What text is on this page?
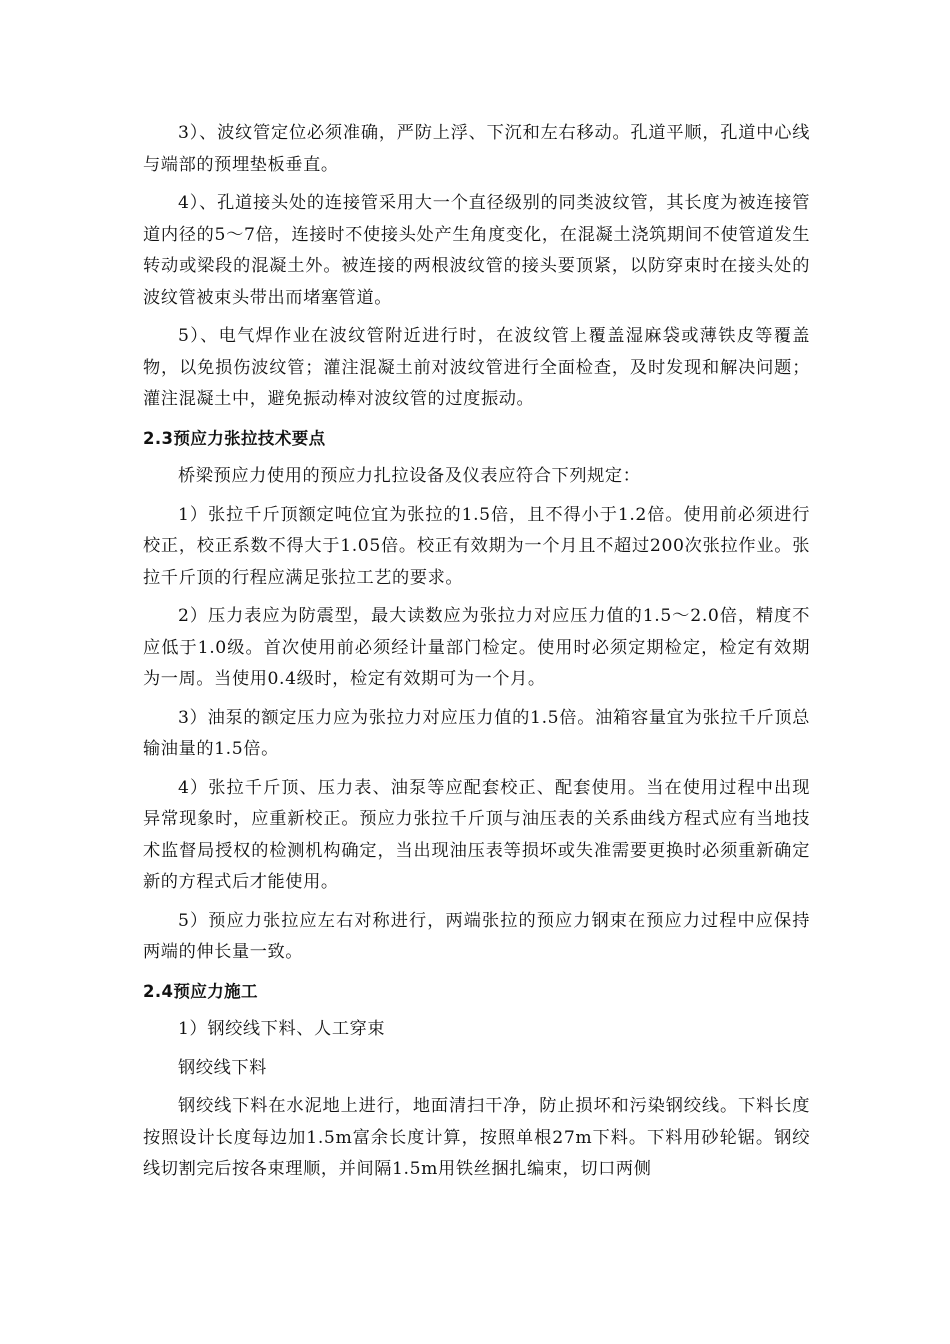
3）、波纹管定位必须准确，严防上浮、下沉和左右移动。孔道平顺，孔道中心线与端部的预埋垫板垂直。

4）、孔道接头处的连接管采用大一个直径级别的同类波纹管，其长度为被连接管道内径的5～7倍，连接时不使接头处产生角度变化，在混凝土浇筑期间不使管道发生转动或梁段的混凝土外。被连接的两根波纹管的接头要顶紧，以防穿束时在接头处的波纹管被束头带出而堵塞管道。

5）、电气焊作业在波纹管附近进行时，在波纹管上覆盖湿麻袋或薄铁皮等覆盖物，以免损伤波纹管；灌注混凝土前对波纹管进行全面检查，及时发现和解决问题；灌注混凝土中，避免振动棒对波纹管的过度振动。

2.3预应力张拉技术要点

桥梁预应力使用的预应力扎拉设备及仪表应符合下列规定：

1）张拉千斤顶额定吨位宜为张拉的1.5倍，且不得小于1.2倍。使用前必须进行校正，校正系数不得大于1.05倍。校正有效期为一个月且不超过200次张拉作业。张拉千斤顶的行程应满足张拉工艺的要求。

2）压力表应为防震型，最大读数应为张拉力对应压力值的1.5～2.0倍，精度不应低于1.0级。首次使用前必须经计量部门检定。使用时必须定期检定，检定有效期为一周。当使用0.4级时，检定有效期可为一个月。

3）油泵的额定压力应为张拉力对应压力值的1.5倍。油箱容量宜为张拉千斤顶总输油量的1.5倍。

4）张拉千斤顶、压力表、油泵等应配套校正、配套使用。当在使用过程中出现异常现象时，应重新校正。预应力张拉千斤顶与油压表的关系曲线方程式应有当地技术监督局授权的检测机构确定，当出现油压表等损坏或失准需要更换时必须重新确定新的方程式后才能使用。

5）预应力张拉应左右对称进行，两端张拉的预应力钢束在预应力过程中应保持两端的伸长量一致。

2.4预应力施工

1）钢绞线下料、人工穿束

钢绞线下料

钢绞线下料在水泥地上进行，地面清扫干净，防止损坏和污染钢绞线。下料长度按照设计长度每边加1.5m富余长度计算，按照单根27m下料。下料用砂轮锯。钢绞线切割完后按各束理顺，并间隔1.5m用铁丝捆扎编束，切口两侧
